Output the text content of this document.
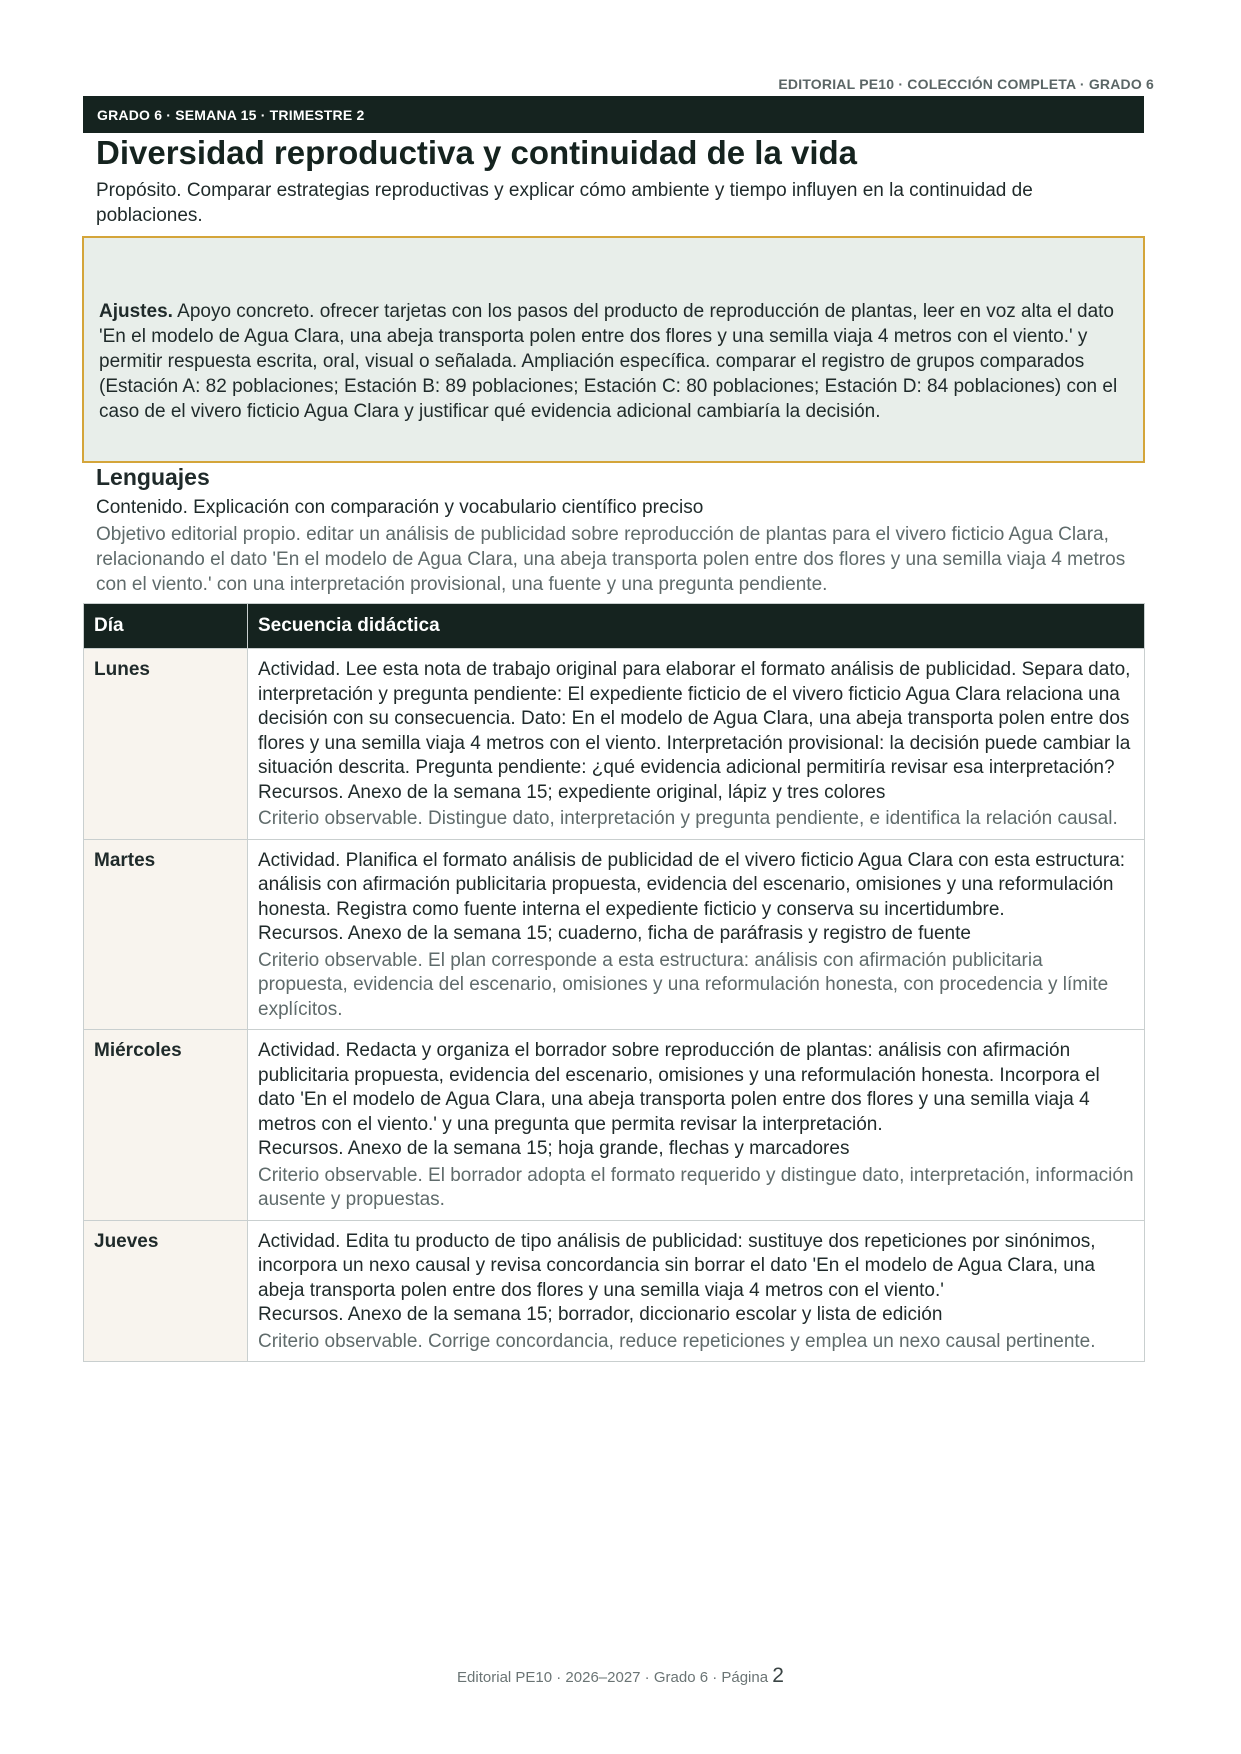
EDITORIAL PE10 · COLECCIÓN COMPLETA · GRADO 6
GRADO 6 · SEMANA 15 · TRIMESTRE 2
Diversidad reproductiva y continuidad de la vida
Propósito. Comparar estrategias reproductivas y explicar cómo ambiente y tiempo influyen en la continuidad de poblaciones.
Ajustes. Apoyo concreto. ofrecer tarjetas con los pasos del producto de reproducción de plantas, leer en voz alta el dato 'En el modelo de Agua Clara, una abeja transporta polen entre dos flores y una semilla viaja 4 metros con el viento.' y permitir respuesta escrita, oral, visual o señalada. Ampliación específica. comparar el registro de grupos comparados (Estación A: 82 poblaciones; Estación B: 89 poblaciones; Estación C: 80 poblaciones; Estación D: 84 poblaciones) con el caso de el vivero ficticio Agua Clara y justificar qué evidencia adicional cambiaría la decisión.
Lenguajes
Contenido. Explicación con comparación y vocabulario científico preciso
Objetivo editorial propio. editar un análisis de publicidad sobre reproducción de plantas para el vivero ficticio Agua Clara, relacionando el dato 'En el modelo de Agua Clara, una abeja transporta polen entre dos flores y una semilla viaja 4 metros con el viento.' con una interpretación provisional, una fuente y una pregunta pendiente.
Día	Secuencia didáctica
Lunes	Actividad. Lee esta nota de trabajo original para elaborar el formato análisis de publicidad. Separa dato, interpretación y pregunta pendiente: El expediente ficticio de el vivero ficticio Agua Clara relaciona una decisión con su consecuencia. Dato: En el modelo de Agua Clara, una abeja transporta polen entre dos flores y una semilla viaja 4 metros con el viento. Interpretación provisional: la decisión puede cambiar la situación descrita. Pregunta pendiente: ¿qué evidencia adicional permitiría revisar esa interpretación?
Recursos. Anexo de la semana 15; expediente original, lápiz y tres colores
Criterio observable. Distingue dato, interpretación y pregunta pendiente, e identifica la relación causal.

Martes	Actividad. Planifica el formato análisis de publicidad de el vivero ficticio Agua Clara con esta estructura: análisis con afirmación publicitaria propuesta, evidencia del escenario, omisiones y una reformulación honesta. Registra como fuente interna el expediente ficticio y conserva su incertidumbre.
Recursos. Anexo de la semana 15; cuaderno, ficha de paráfrasis y registro de fuente
Criterio observable. El plan corresponde a esta estructura: análisis con afirmación publicitaria propuesta, evidencia del escenario, omisiones y una reformulación honesta, con procedencia y límite explícitos.

Miércoles	Actividad. Redacta y organiza el borrador sobre reproducción de plantas: análisis con afirmación publicitaria propuesta, evidencia del escenario, omisiones y una reformulación honesta. Incorpora el dato 'En el modelo de Agua Clara, una abeja transporta polen entre dos flores y una semilla viaja 4 metros con el viento.' y una pregunta que permita revisar la interpretación.
Recursos. Anexo de la semana 15; hoja grande, flechas y marcadores
Criterio observable. El borrador adopta el formato requerido y distingue dato, interpretación, información ausente y propuestas.

Jueves	Actividad. Edita tu producto de tipo análisis de publicidad: sustituye dos repeticiones por sinónimos, incorpora un nexo causal y revisa concordancia sin borrar el dato 'En el modelo de Agua Clara, una abeja transporta polen entre dos flores y una semilla viaja 4 metros con el viento.'
Recursos. Anexo de la semana 15; borrador, diccionario escolar y lista de edición
Criterio observable. Corrige concordancia, reduce repeticiones y emplea un nexo causal pertinente.
Editorial PE10 · 2026–2027 · Grado 6 · Página 2
